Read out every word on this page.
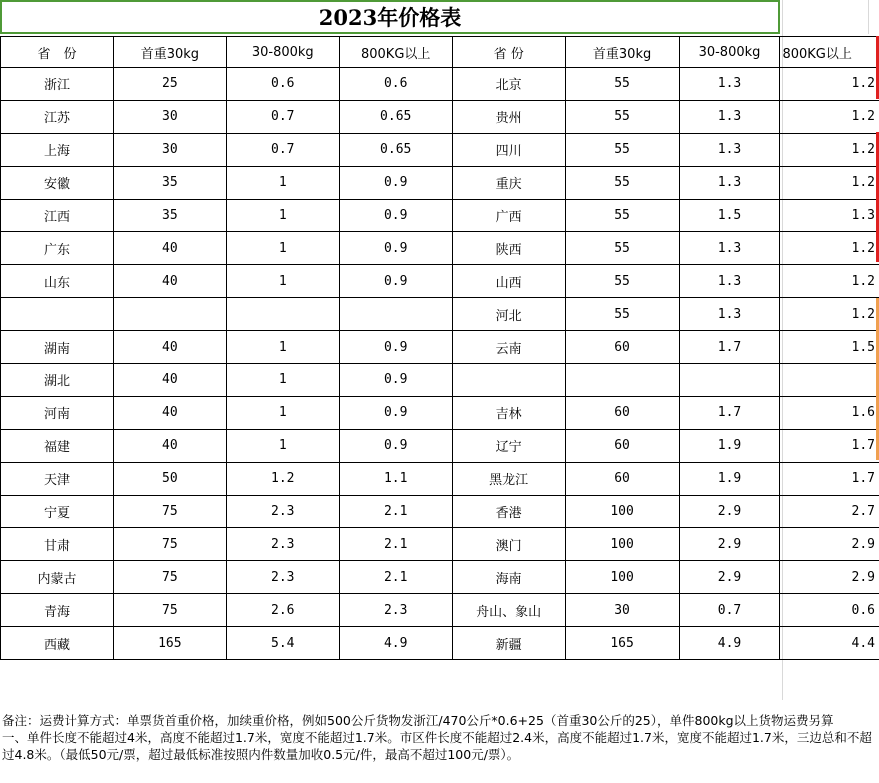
2023年价格表
省　份	首重30kg	30-800kg	800KG以上	省 份	首重30kg	30-800kg	800KG以上
浙江	25	0.6	0.6	北京	55	1.3	1.2
江苏	30	0.7	0.65	贵州	55	1.3	1.2
上海	30	0.7	0.65	四川	55	1.3	1.2
安徽	35	1	0.9	重庆	55	1.3	1.2
江西	35	1	0.9	广西	55	1.5	1.3
广东	40	1	0.9	陕西	55	1.3	1.2
山东	40	1	0.9	山西	55	1.3	1.2
				河北	55	1.3	1.2
湖南	40	1	0.9	云南	60	1.7	1.5
湖北	40	1	0.9				
河南	40	1	0.9	吉林	60	1.7	1.6
福建	40	1	0.9	辽宁	60	1.9	1.7
天津	50	1.2	1.1	黑龙江	60	1.9	1.7
宁夏	75	2.3	2.1	香港	100	2.9	2.7
甘肃	75	2.3	2.1	澳门	100	2.9	2.9
内蒙古	75	2.3	2.1	海南	100	2.9	2.9
青海	75	2.6	2.3	舟山、象山	30	0.7	0.6
西藏	165	5.4	4.9	新疆	165	4.9	4.4

备注：运费计算方式：单票货首重价格，加续重价格，例如500公斤货物发浙江/470公斤*0.6+25（首重30公斤的25），单件800kg以上货物运费另算

一、单件长度不能超过4米，高度不能超过1.7米，宽度不能超过1.7米。市区件长度不能超过2.4米，高度不能超过1.7米，宽度不能超过1.7米，三边总和不超过4.8米。（最低50元/票，超过最低标准按照内件数量加收0.5元/件，最高不超过100元/票）。
